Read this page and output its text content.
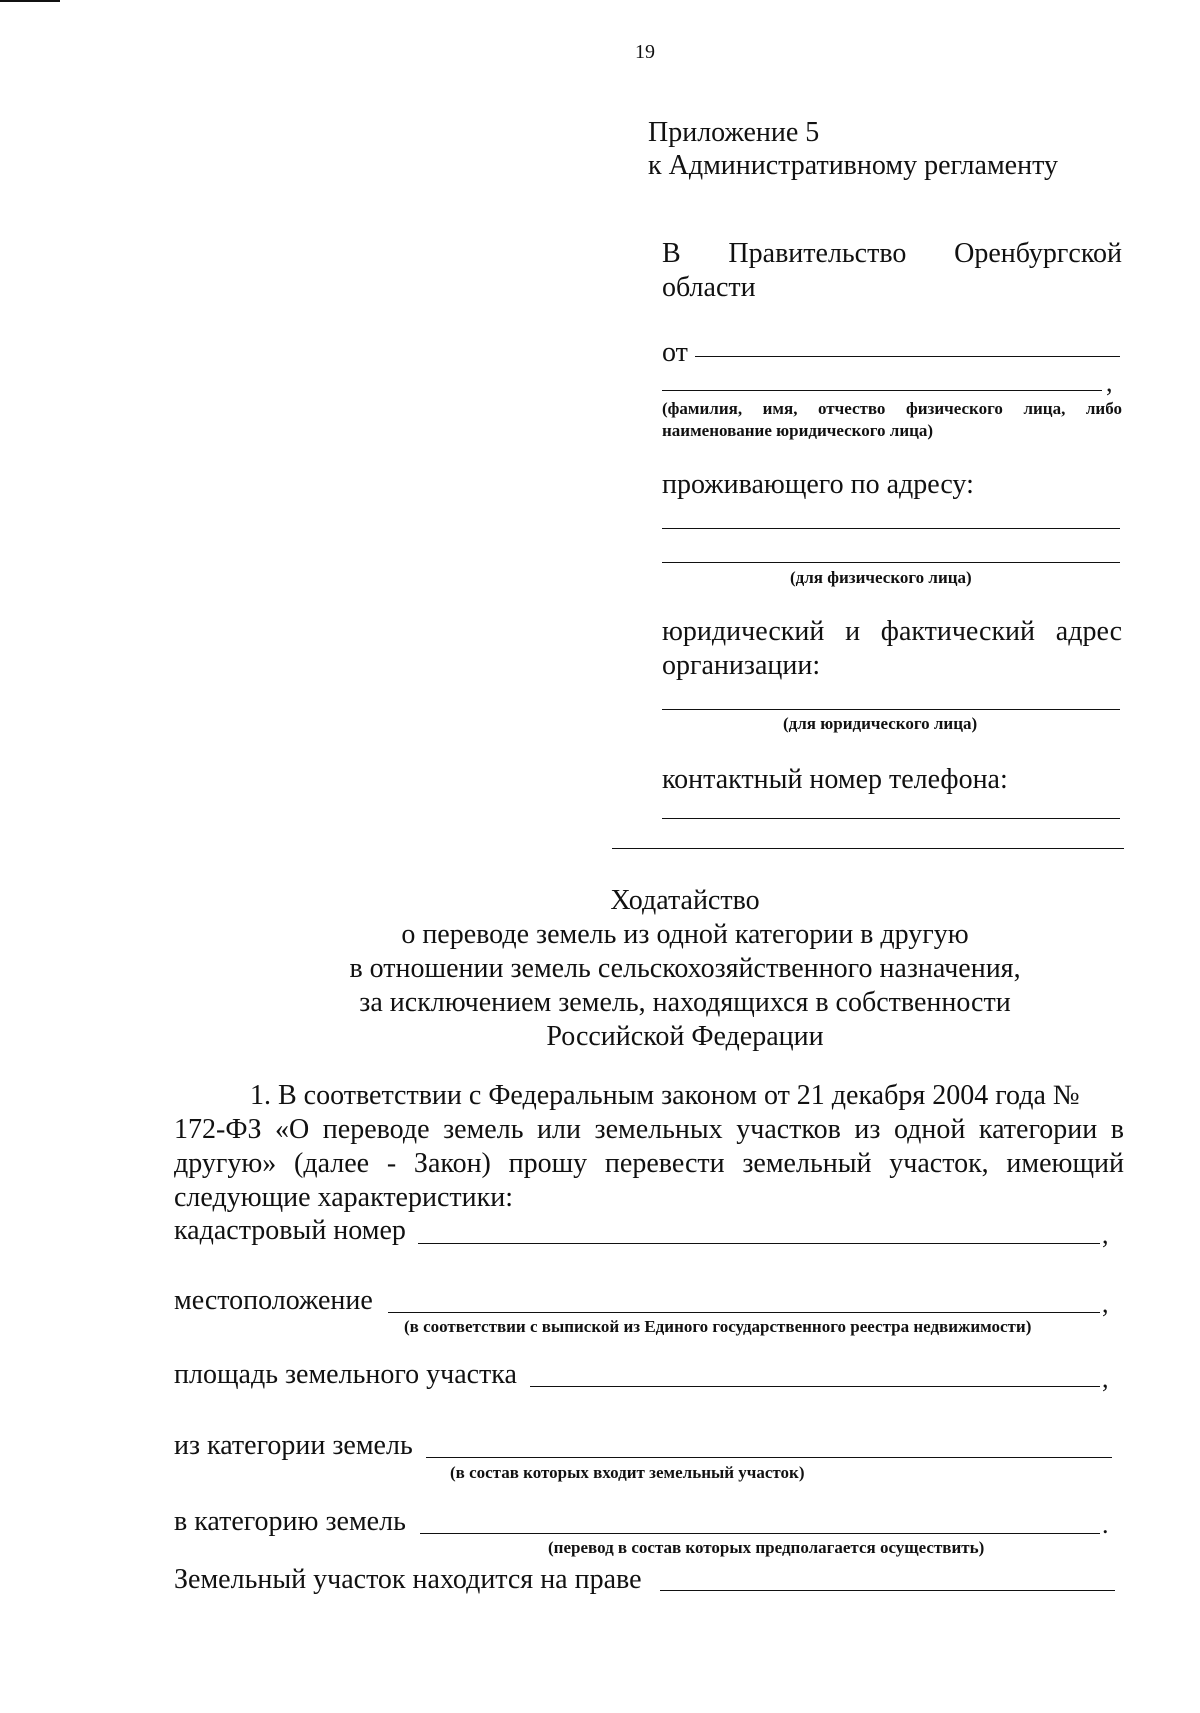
19
Приложение 5
к Административному регламенту
В Правительство Оренбургской
области
от
,
(фамилия, имя, отчество физического лица, либо
наименование юридического лица)
проживающего по адресу:
(для физического лица)
юридический и фактический адрес
организации:
(для юридического лица)
контактный номер телефона:
Ходатайство
о переводе земель из одной категории в другую
в отношении земель сельскохозяйственного назначения,
за исключением земель, находящихся в собственности
Российской Федерации
1. В соответствии с Федеральным законом от 21 декабря 2004 года №
172-ФЗ «О переводе земель или земельных участков из одной категории в
другую» (далее - Закон) прошу перевести земельный участок, имеющий
следующие характеристики:
кадастровый номер	,
местоположение	,
(в соответствии с выпиской из Единого государственного реестра недвижимости)
площадь земельного участка	,
из категории земель
(в состав которых входит земельный участок)
в категорию земель	.
(перевод в состав которых предполагается осуществить)
Земельный участок находится на праве
